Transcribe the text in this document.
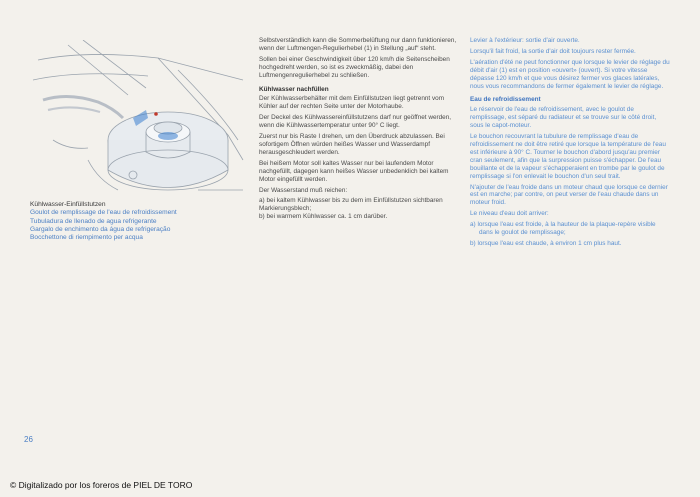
Kühlwasser-Einfüllstutzen
Goulot de remplissage de l'eau de refroidissement
Tubuladura de llenado de agua refrigerante
Gargalo de enchimento da água de refrigeração
Bocchettone di riempimento per acqua

Selbstverständlich kann die Sommerbelüftung nur dann funktionieren, wenn der Luftmengen-Regulierhebel (1) in Stellung „auf“ steht.

Sollen bei einer Geschwindigkeit über 120 km/h die Seitenscheiben hochgedreht werden, so ist es zweckmäßig, dabei den Luftmengenregulierhebel zu schließen.

Kühlwasser nachfüllen

Der Kühlwasserbehälter mit dem Einfüllstutzen liegt getrennt vom Kühler auf der rechten Seite unter der Motorhaube.

Der Deckel des Kühlwassereinfüllstutzens darf nur geöffnet werden, wenn die Kühlwassertemperatur unter 90° C liegt.

Zuerst nur bis Raste I drehen, um den Überdruck abzulassen. Bei sofortigem Öffnen würden heißes Wasser und Wasserdampf herausgeschleudert werden.

Bei heißem Motor soll kaltes Wasser nur bei laufendem Motor nachgefüllt, dagegen kann heißes Wasser unbedenklich bei kaltem Motor eingefüllt werden.

Der Wasserstand muß reichen:

a) bei kaltem Kühlwasser bis zu dem im Einfüllstutzen sichtbaren Markierungsblech;

b) bei warmem Kühlwasser ca. 1 cm darüber.

Levier à l'extérieur: sortie d'air ouverte.

Lorsqu'il fait froid, la sortie d'air doit toujours rester fermée.

L'aération d'été ne peut fonctionner que lorsque le levier de réglage du débit d'air (1) est en position «ouvert» (ouvert). Si votre vitesse dépasse 120 km/h et que vous désirez fermer vos glaces latérales, nous vous recommandons de fermer également le levier de réglage.

Eau de refroidissement

Le réservoir de l'eau de refroidissement, avec le goulot de remplissage, est séparé du radiateur et se trouve sur le côté droit, sous le capot-moteur.

Le bouchon recouvrant la tubulure de remplissage d'eau de refroidissement ne doit être retiré que lorsque la température de l'eau est inférieure à 90° C. Tourner le bouchon d'abord jusqu'au premier cran seulement, afin que la surpression puisse s'échapper. De l'eau bouillante et de la vapeur s'échapperaient en trombe par le goulot de remplissage si l'on enlevait le bouchon d'un seul trait.

N'ajouter de l'eau froide dans un moteur chaud que lorsque ce dernier est en marche; par contre, on peut verser de l'eau chaude dans un moteur froid.

Le niveau d'eau doit arriver:

a) lorsque l'eau est froide, à la hauteur de la plaque-repère visible dans le goulot de remplissage;

b) lorsque l'eau est chaude, à environ 1 cm plus haut.

26
© Digitalizado por los foreros de PIEL DE TORO
